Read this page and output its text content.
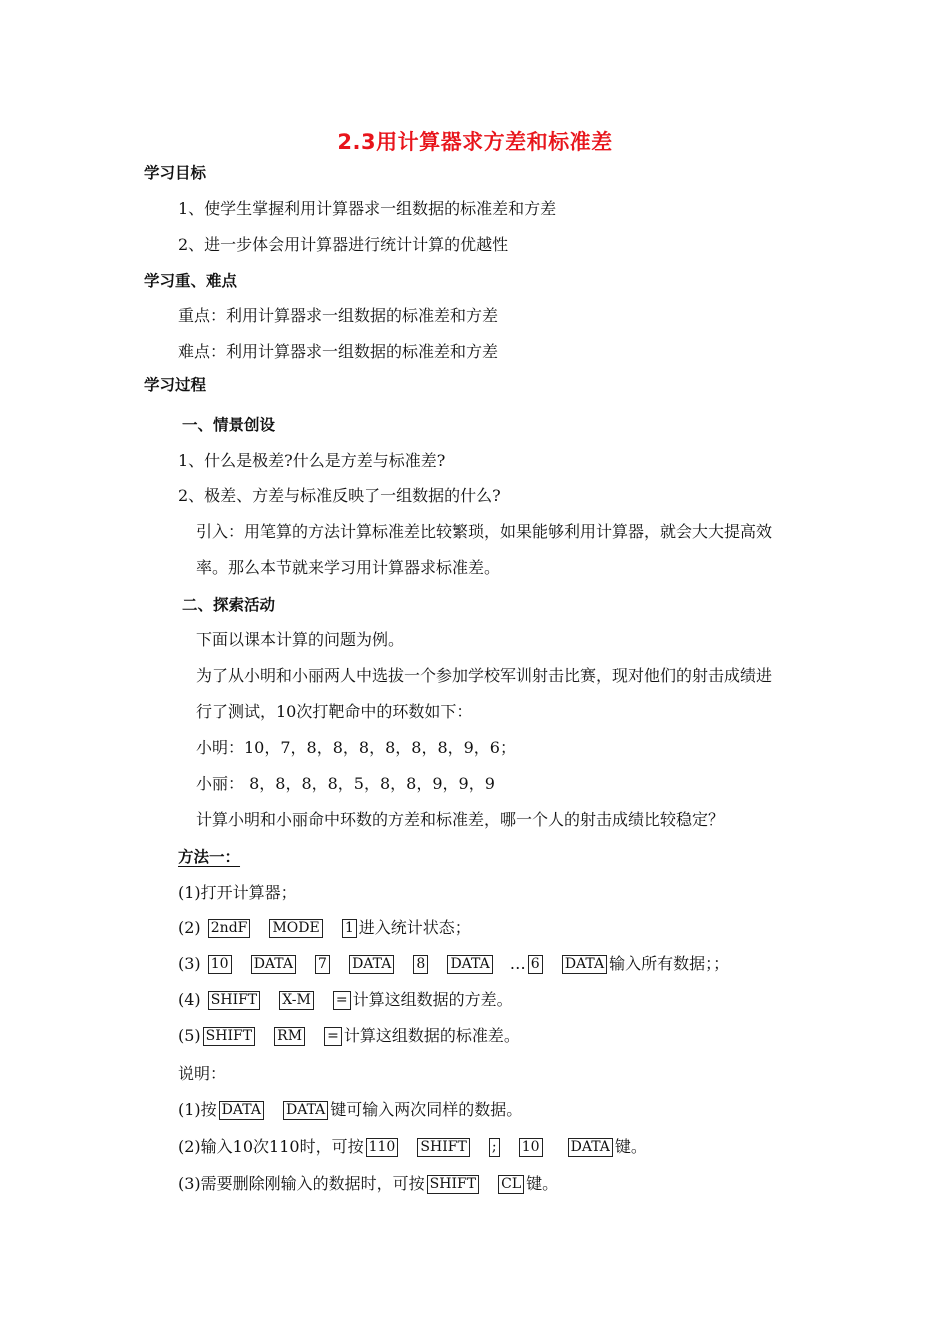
2.3用计算器求方差和标准差
学习目标
1、使学生掌握利用计算器求一组数据的标准差和方差
2、进一步体会用计算器进行统计计算的优越性
学习重、难点
重点：利用计算器求一组数据的标准差和方差
难点：利用计算器求一组数据的标准差和方差
学习过程
一、情景创设
1、什么是极差?什么是方差与标准差?
2、极差、方差与标准反映了一组数据的什么?
引入：用笔算的方法计算标准差比较繁琐，如果能够利用计算器，就会大大提高效
率。那么本节就来学习用计算器求标准差。
二、探索活动
下面以课本计算的问题为例。
为了从小明和小丽两人中选拔一个参加学校军训射击比赛，现对他们的射击成绩进
行了测试，10次打靶命中的环数如下：
小明：10，7，8，8，8，8，8，8，9，6；
小丽： 8，8，8，8，5，8，8，9，9，9
计算小明和小丽命中环数的方差和标准差，哪一个人的射击成绩比较稳定？
方法一：
(1)打开计算器；
(2) 2ndF MODE 1 进入统计状态；
(3) 10 DATA 7 DATA 8 DATA … 6 DATA 输入所有数据；；
(4) SHIFT X-M = 计算这组数据的方差。
(5) SHIFT RM = 计算这组数据的标准差。
说明：
(1)按 DATA DATA 键可输入两次同样的数据。
(2)输入10次110时，可按 110 SHIFT ; 10 DATA 键。
(3)需要删除刚输入的数据时，可按 SHIFT CL 键。
